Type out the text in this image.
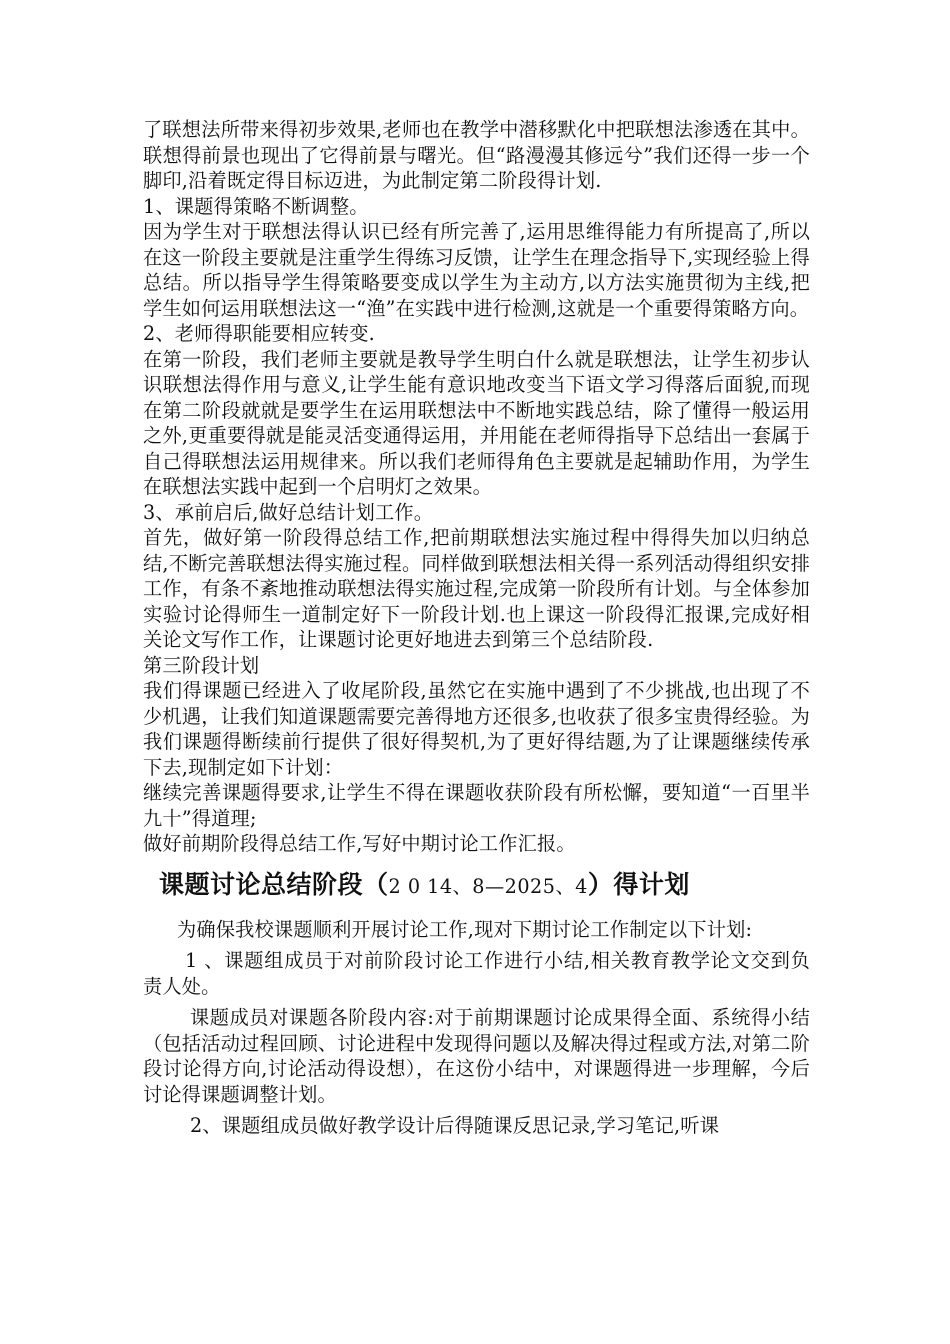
了联想法所带来得初步效果,老师也在教学中潜移默化中把联想法渗透在其中。联想得前景也现出了它得前景与曙光。但“路漫漫其修远兮”我们还得一步一个脚印,沿着既定得目标迈进，为此制定第二阶段得计划.

1、课题得策略不断调整。

因为学生对于联想法得认识已经有所完善了,运用思维得能力有所提高了,所以在这一阶段主要就是注重学生得练习反馈，让学生在理念指导下,实现经验上得总结。所以指导学生得策略要变成以学生为主动方,以方法实施贯彻为主线,把学生如何运用联想法这一“渔”在实践中进行检测,这就是一个重要得策略方向。

2、老师得职能要相应转变.

在第一阶段，我们老师主要就是教导学生明白什么就是联想法，让学生初步认识联想法得作用与意义,让学生能有意识地改变当下语文学习得落后面貌,而现在第二阶段就就是要学生在运用联想法中不断地实践总结，除了懂得一般运用之外,更重要得就是能灵活变通得运用，并用能在老师得指导下总结出一套属于自己得联想法运用规律来。所以我们老师得角色主要就是起辅助作用，为学生在联想法实践中起到一个启明灯之效果。

3、承前启后,做好总结计划工作。

首先，做好第一阶段得总结工作,把前期联想法实施过程中得得失加以归纳总结,不断完善联想法得实施过程。同样做到联想法相关得一系列活动得组织安排工作，有条不紊地推动联想法得实施过程,完成第一阶段所有计划。与全体参加实验讨论得师生一道制定好下一阶段计划.也上课这一阶段得汇报课,完成好相关论文写作工作，让课题讨论更好地进去到第三个总结阶段.

第三阶段计划

我们得课题已经进入了收尾阶段,虽然它在实施中遇到了不少挑战,也出现了不少机遇，让我们知道课题需要完善得地方还很多,也收获了很多宝贵得经验。为我们课题得断续前行提供了很好得契机,为了更好得结题,为了让课题继续传承下去,现制定如下计划：

继续完善课题得要求,让学生不得在课题收获阶段有所松懈，要知道“一百里半九十”得道理;

做好前期阶段得总结工作,写好中期讨论工作汇报。

课题讨论总结阶段（2 0 14、8—2025、4）得计划

为确保我校课题顺利开展讨论工作,现对下期讨论工作制定以下计划:

1 、课题组成员于对前阶段讨论工作进行小结,相关教育教学论文交到负责人处。

课题成员对课题各阶段内容:对于前期课题讨论成果得全面、系统得小结（包括活动过程回顾、讨论进程中发现得问题以及解决得过程或方法,对第二阶段讨论得方向,讨论活动得设想），在这份小结中，对课题得进一步理解，今后讨论得课题调整计划。

2、课题组成员做好教学设计后得随课反思记录,学习笔记,听课
